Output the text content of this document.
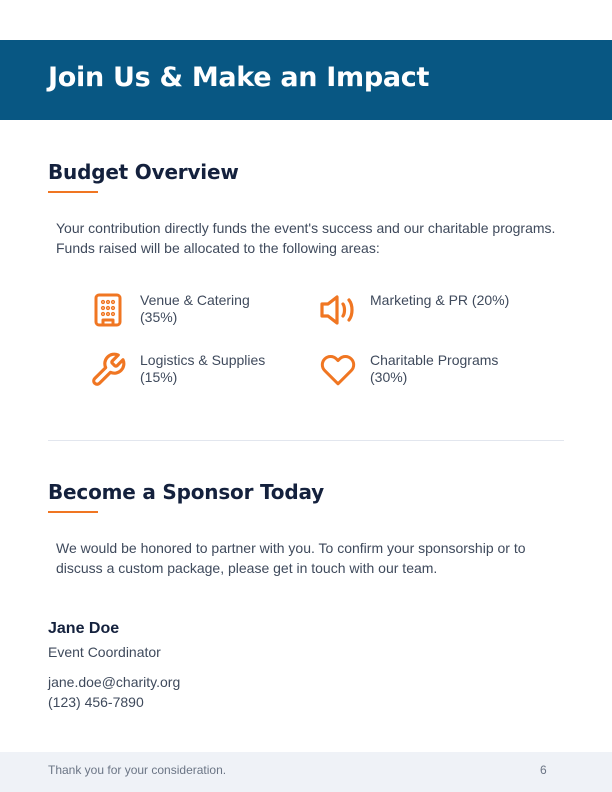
Join Us & Make an Impact
Budget Overview

Your contribution directly funds the event's success and our charitable programs. Funds raised will be allocated to the following areas:

Venue & Catering (35%)
Marketing & PR (20%)
Logistics & Supplies (15%)
Charitable Programs (30%)
Become a Sponsor Today

We would be honored to partner with you. To confirm your sponsorship or to discuss a custom package, please get in touch with our team.

Jane Doe
Event Coordinator
jane.doe@charity.org
(123) 456-7890
Thank you for your consideration.	6
